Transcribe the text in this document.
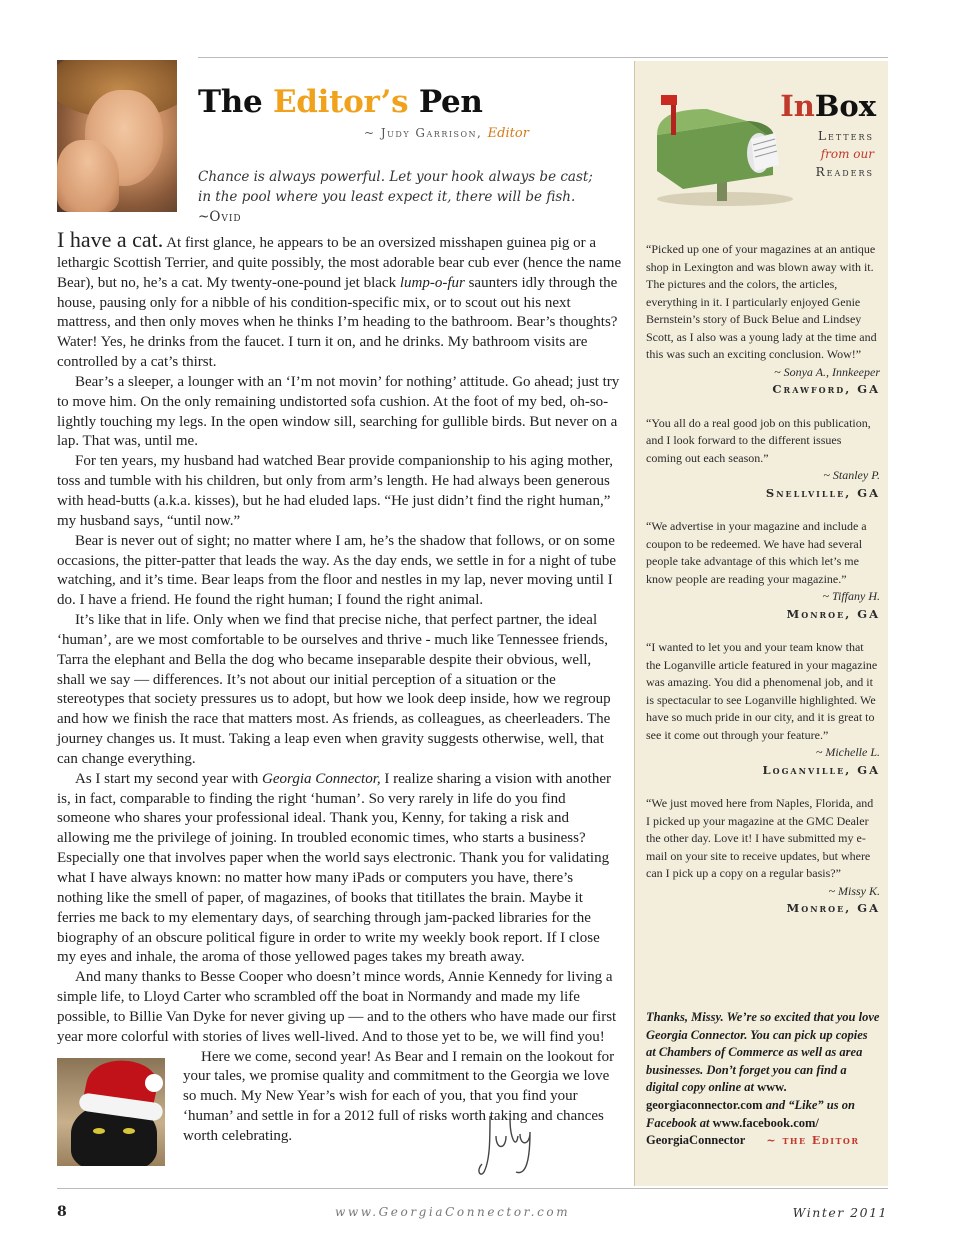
The Editor’s Pen
~ Judy Garrison, Editor
Chance is always powerful. Let your hook always be cast; in the pool where you least expect it, there will be fish. ~Ovid

I have a cat. At first glance, he appears to be an oversized misshapen guinea pig or a lethargic Scottish Terrier, and quite possibly, the most adorable bear cub ever (hence the name Bear), but no, he’s a cat. My twenty-one-pound jet black lump-o-fur saunters idly through the house, pausing only for a nibble of his condition-specific mix, or to scout out his next mattress, and then only moves when he thinks I’m heading to the bathroom. Bear’s thoughts? Water! Yes, he drinks from the faucet. I turn it on, and he drinks. My bathroom visits are controlled by a cat’s thirst.

Bear’s a sleeper, a lounger with an ‘I’m not movin’ for nothing’ attitude. Go ahead; just try to move him. On the only remaining undistorted sofa cushion. At the foot of my bed, oh-so-lightly touching my legs. In the open window sill, searching for gullible birds. But never on a lap. That was, until me.

For ten years, my husband had watched Bear provide companionship to his aging mother, toss and tumble with his children, but only from arm’s length. He had always been generous with head-butts (a.k.a. kisses), but he had eluded laps. “He just didn’t find the right human,” my husband says, “until now.”

Bear is never out of sight; no matter where I am, he’s the shadow that follows, or on some occasions, the pitter-patter that leads the way. As the day ends, we settle in for a night of tube watching, and it’s time. Bear leaps from the floor and nestles in my lap, never moving until I do. I have a friend. He found the right human; I found the right animal.

It’s like that in life. Only when we find that precise niche, that perfect partner, the ideal ‘human’, are we most comfortable to be ourselves and thrive - much like Tennessee friends, Tarra the elephant and Bella the dog who became inseparable despite their obvious, well, shall we say — differences. It’s not about our initial perception of a situation or the stereotypes that society pressures us to adopt, but how we look deep inside, how we regroup and how we finish the race that matters most. As friends, as colleagues, as cheerleaders. The journey changes us. It must. Taking a leap even when gravity suggests otherwise, well, that can change everything.

As I start my second year with Georgia Connector, I realize sharing a vision with another is, in fact, comparable to finding the right ‘human’. So very rarely in life do you find someone who shares your professional ideal. Thank you, Kenny, for taking a risk and allowing me the privilege of joining. In troubled economic times, who starts a business? Especially one that involves paper when the world says electronic. Thank you for validating what I have always known: no matter how many iPads or computers you have, there’s nothing like the smell of paper, of magazines, of books that titillates the brain. Maybe it ferries me back to my elementary days, of searching through jam-packed libraries for the biography of an obscure political figure in order to write my weekly book report. If I close my eyes and inhale, the aroma of those yellowed pages takes my breath away.

And many thanks to Besse Cooper who doesn’t mince words, Annie Kennedy for living a simple life, to Lloyd Carter who scrambled off the boat in Normandy and made my life possible, to Billie Van Dyke for never giving up — and to the others who have made our first year more colorful with stories of lives well-lived. And to those yet to be, we will find you!

Here we come, second year! As Bear and I remain on the lookout for your tales, we promise quality and commitment to the Georgia we love so much. My New Year’s wish for each of you, that you find your ‘human’ and settle in for a 2012 full of risks worth taking and chances worth celebrating.

InBox
Letters
from our
Readers

“Picked up one of your magazines at an antique shop in Lexington and was blown away with it. The pictures and the colors, the articles, everything in it. I particularly enjoyed Genie Bernstein’s story of Buck Belue and Lindsey Scott, as I also was a young lady at the time and this was such an exciting conclusion. Wow!”

~ Sonya A., Innkeeper

Crawford, GA

“You all do a real good job on this publication, and I look forward to the different issues coming out each season.”

~ Stanley P.

Snellville, GA

“We advertise in your magazine and include a coupon to be redeemed. We have had several people take advantage of this which let’s me know people are reading your magazine.”

~ Tiffany H.

Monroe, GA

“I wanted to let you and your team know that the Loganville article featured in your magazine was amazing. You did a phenomenal job, and it is spectacular to see Loganville highlighted. We have so much pride in our city, and it is great to see it come out through your feature.”

~ Michelle L.

Loganville, GA

“We just moved here from Naples, Florida, and I picked up your magazine at the GMC Dealer the other day. Love it! I have submitted my e-mail on your site to receive updates, but where can I pick up a copy on a regular basis?”

~ Missy K.

Monroe, GA

Thanks, Missy. We’re so excited that you love Georgia Connector. You can pick up copies at Chambers of Commerce as well as area businesses. Don’t forget you can find a digital copy online at www. georgiaconnector.com and “Like” us on Facebook at www.facebook.com/ GeorgiaConnector ~ the Editor
8	www.GeorgiaConnector.com	Winter 2011
